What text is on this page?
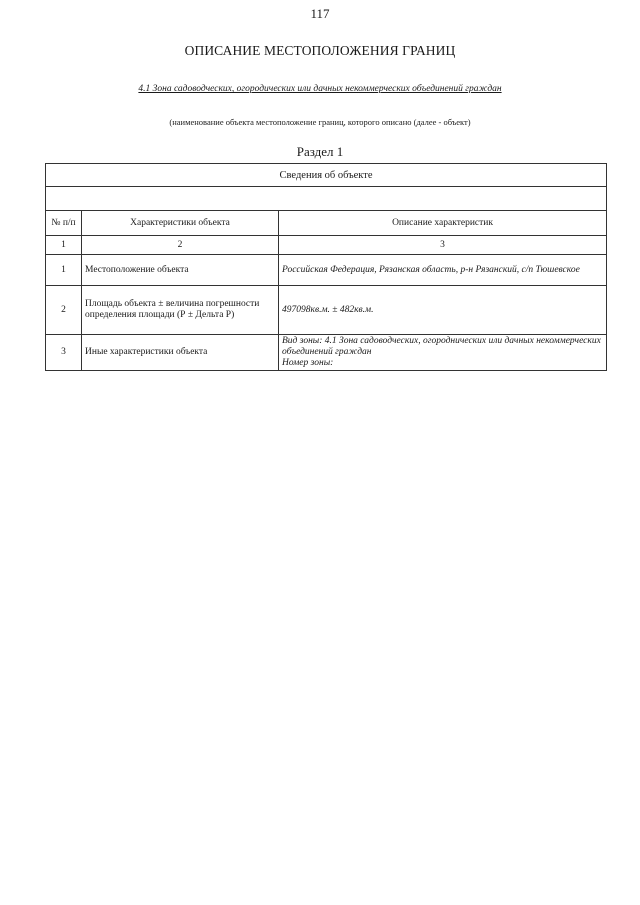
117
ОПИСАНИЕ МЕСТОПОЛОЖЕНИЯ ГРАНИЦ
4.1 Зона садоводческих, огородических или дачных некоммерческих объединений граждан
(наименование объекта местоположение границ, которого описано (далее - объект)
Раздел 1
Сведения об объекте		

№ п/п	Характеристики объекта	Описание характеристик
1	2	3
1	Местоположение объекта	Российская Федерация, Рязанская область, р-н Рязанский, с/п Тюшевское
2	Площадь объекта ± величина погрешности определения площади (Р ± Дельта Р)	497098кв.м. ± 482кв.м.
3	Иные характеристики объекта	Вид зоны: 4.1 Зона садоводческих, огороднических или дачных некоммерческих объединений граждан
Номер зоны:
